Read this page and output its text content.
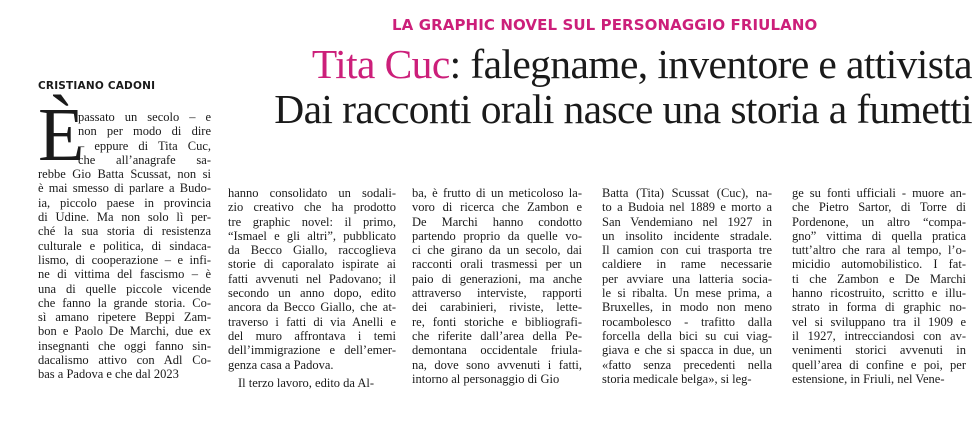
LA GRAPHIC NOVEL SUL PERSONAGGIO FRIULANO
Tita Cuc: falegname, inventore e attivista
Dai racconti orali nasce una storia a fumetti
CRISTIANO CADONI
È
passato un secolo – e
non per modo di dire
– eppure di Tita Cuc,
che all’anagrafe sa-
rebbe Gio Batta Scussat, non si
è mai smesso di parlare a Budo-
ia, piccolo paese in provincia
di Udine. Ma non solo lì per-
ché la sua storia di resistenza
culturale e politica, di sindaca-
lismo, di cooperazione – e infi-
ne di vittima del fascismo – è
una di quelle piccole vicende
che fanno la grande storia. Co-
sì amano ripetere Beppi Zam-
bon e Paolo De Marchi, due ex
insegnanti che oggi fanno sin-
dacalismo attivo con Adl Co-
bas a Padova e che dal 2023
hanno consolidato un sodali-
zio creativo che ha prodotto
tre graphic novel: il primo,
“Ismael e gli altri”, pubblicato
da Becco Giallo, raccoglieva
storie di caporalato ispirate ai
fatti avvenuti nel Padovano; il
secondo un anno dopo, edito
ancora da Becco Giallo, che at-
traverso i fatti di via Anelli e
del muro affrontava i temi
dell’immigrazione e dell’emer-
genza casa a Padova.
Il terzo lavoro, edito da Al-
ba, è frutto di un meticoloso la-
voro di ricerca che Zambon e
De Marchi hanno condotto
partendo proprio da quelle vo-
ci che girano da un secolo, dai
racconti orali trasmessi per un
paio di generazioni, ma anche
attraverso interviste, rapporti
dei carabinieri, riviste, lette-
re, fonti storiche e bibliografi-
che riferite dall’area della Pe-
demontana occidentale friula-
na, dove sono avvenuti i fatti,
intorno al personaggio di Gio
Batta (Tita) Scussat (Cuc), na-
to a Budoia nel 1889 e morto a
San Vendemiano nel 1927 in
un insolito incidente stradale.
Il camion con cui trasporta tre
caldiere in rame necessarie
per avviare una latteria socia-
le si ribalta. Un mese prima, a
Bruxelles, in modo non meno
rocambolesco - trafitto dalla
forcella della bici su cui viag-
giava e che si spacca in due, un
«fatto senza precedenti nella
storia medicale belga», si leg-
ge su fonti ufficiali - muore an-
che Pietro Sartor, di Torre di
Pordenone, un altro “compa-
gno” vittima di quella pratica
tutt’altro che rara al tempo, l’o-
micidio automobilistico. I fat-
ti che Zambon e De Marchi
hanno ricostruito, scritto e illu-
strato in forma di graphic no-
vel si sviluppano tra il 1909 e
il 1927, intrecciandosi con av-
venimenti storici avvenuti in
quell’area di confine e poi, per
estensione, in Friuli, nel Vene-
